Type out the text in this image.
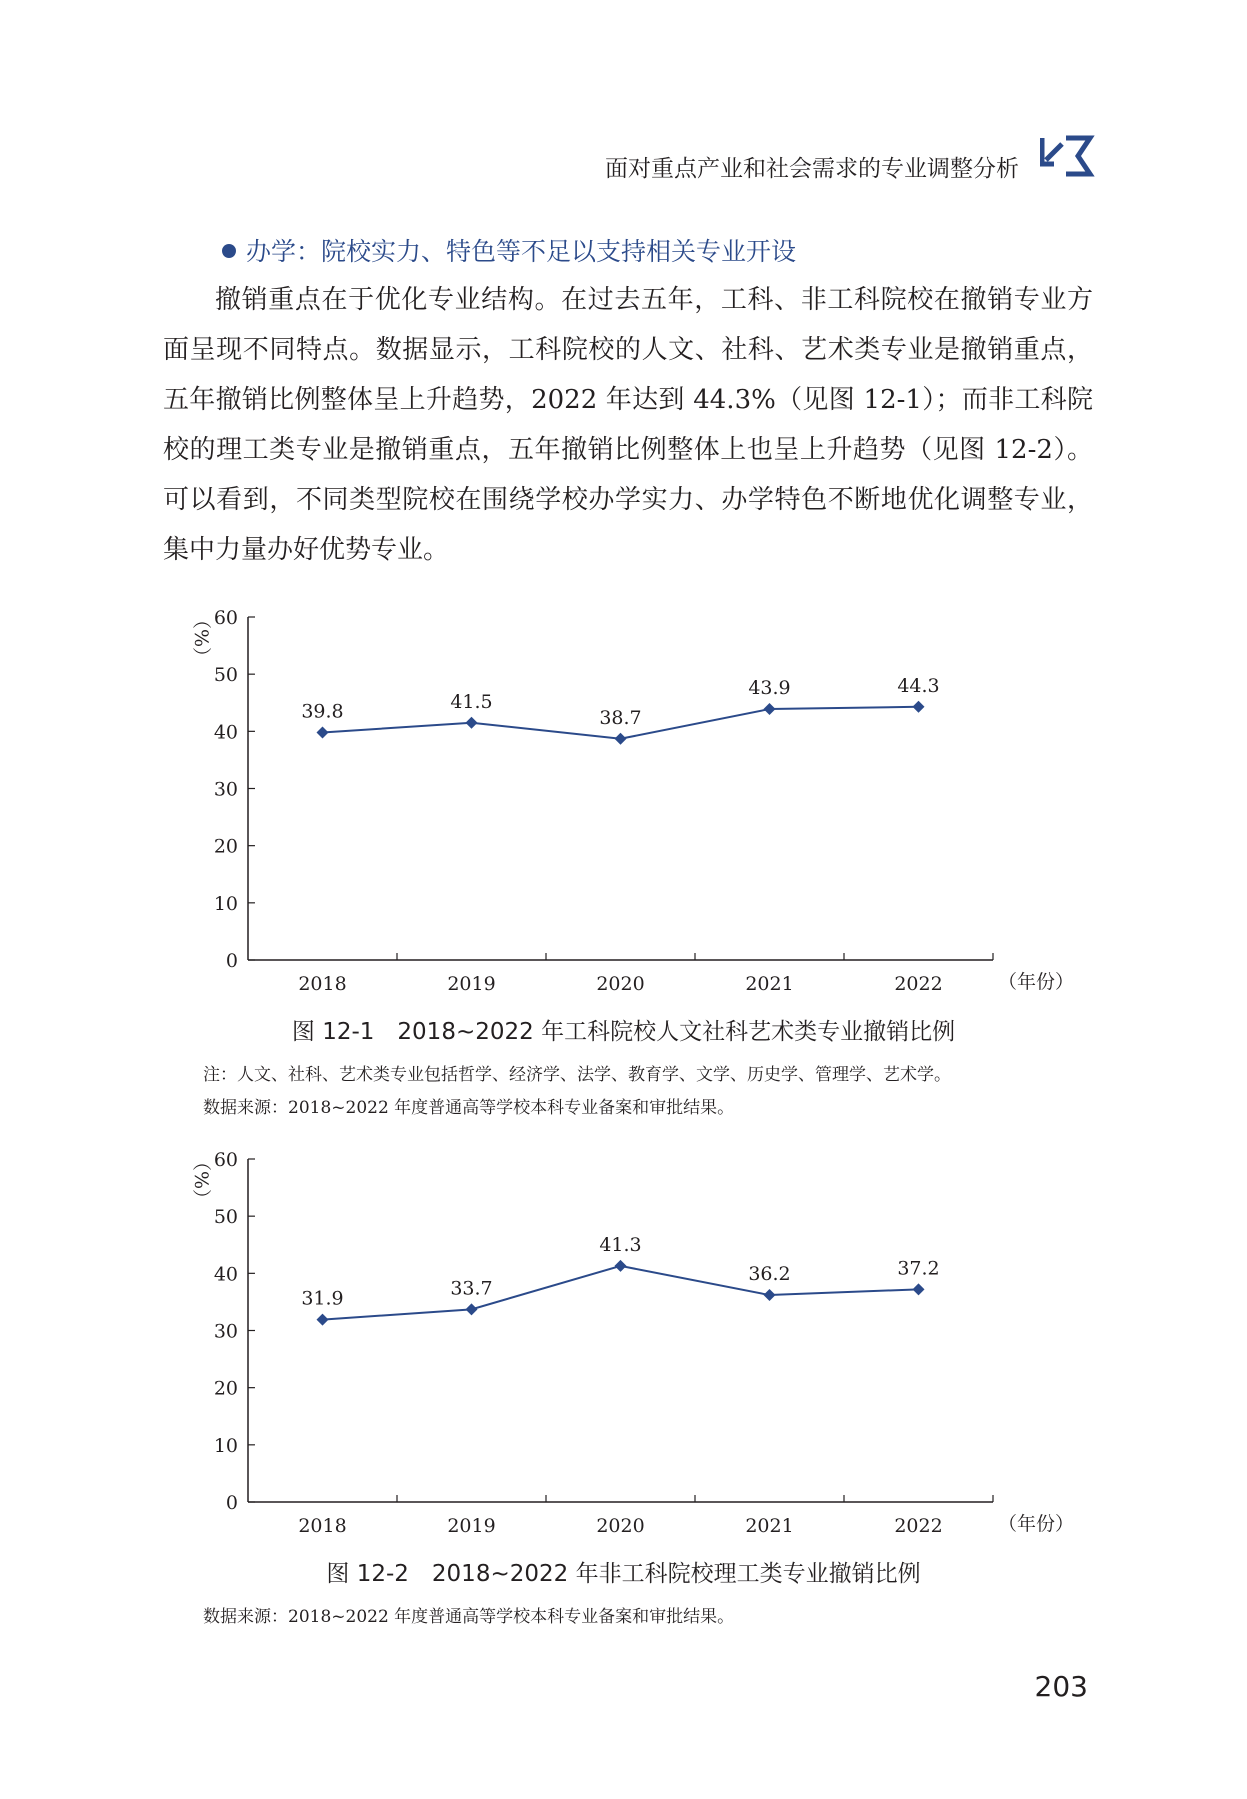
面对重点产业和社会需求的专业调整分析
办学：院校实力、特色等不足以支持相关专业开设

撤销重点在于优化专业结构。在过去五年，工科、非工科院校在撤销专业方面呈现不同特点。数据显示，工科院校的人文、社科、艺术类专业是撤销重点，五年撤销比例整体呈上升趋势，2022 年达到 44.3%（见图 12-1）；而非工科院校的理工类专业是撤销重点，五年撤销比例整体上也呈上升趋势（见图 12-2）。可以看到，不同类型院校在围绕学校办学实力、办学特色不断地优化调整专业，集中力量办好优势专业。

0
10
20
30
40
50
60
2018	2019	2020	2021	2022
（%）
（年份）
39.8	41.5
38.7
43.9	44.3
图 12-1　2018~2022 年工科院校人文社科艺术类专业撤销比例
注：人文、社科、艺术类专业包括哲学、经济学、法学、教育学、文学、历史学、管理学、艺术学。
数据来源：2018~2022 年度普通高等学校本科专业备案和审批结果。
0
10
20
30
40
50
60
2018	2019	2020	2021	2022
（%）
（年份）
31.9	33.7
41.3
36.2	37.2
图 12-2　2018~2022 年非工科院校理工类专业撤销比例
数据来源：2018~2022 年度普通高等学校本科专业备案和审批结果。
203
